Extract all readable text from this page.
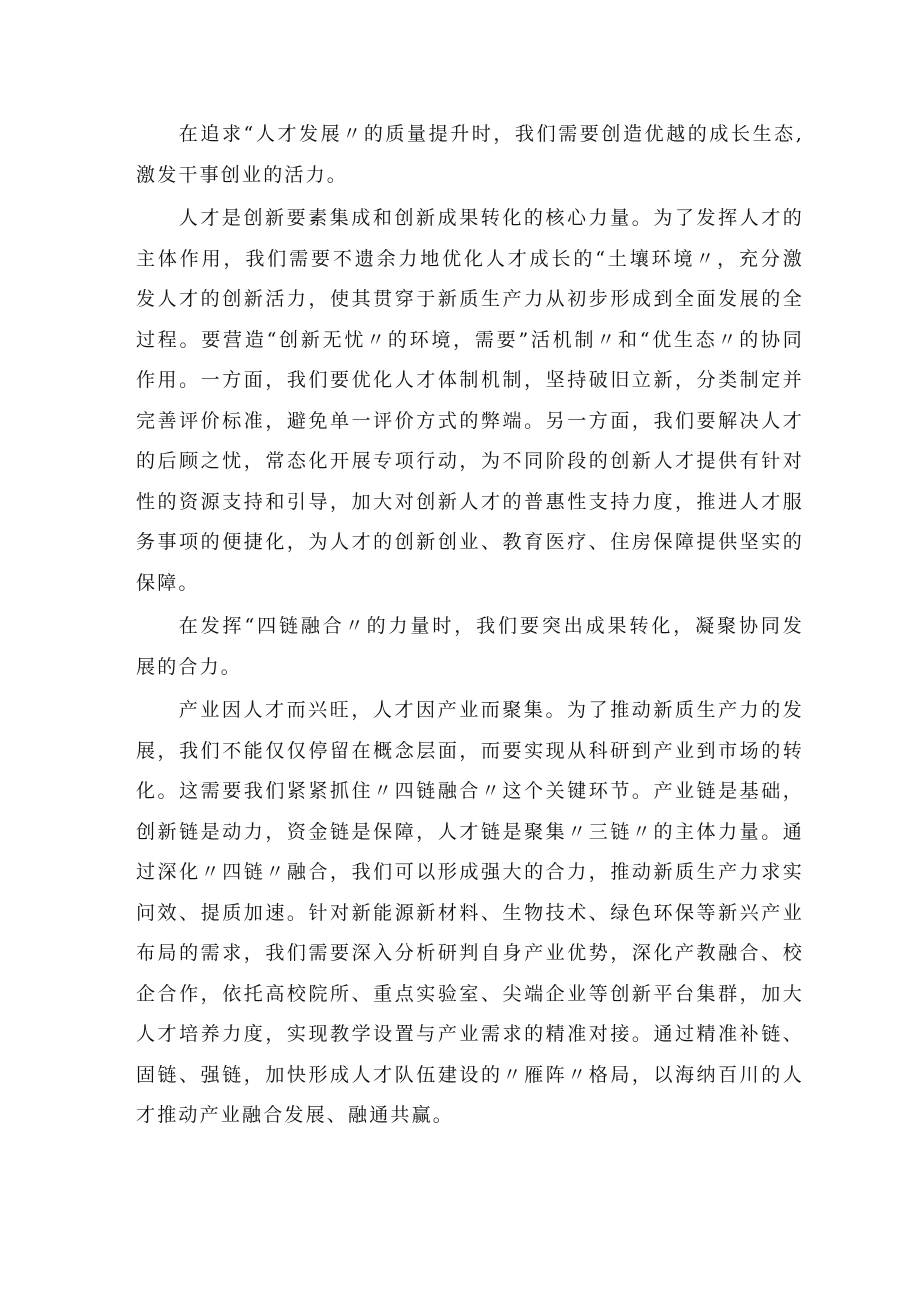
在追求“人才发展〃的质量提升时，我们需要创造优越的成长生态,激发干事创业的活力。

人才是创新要素集成和创新成果转化的核心力量。为了发挥人才的主体作用，我们需要不遗余力地优化人才成长的“土壤环境〃，充分激发人才的创新活力，使其贯穿于新质生产力从初步形成到全面发展的全过程。要营造“创新无忧〃的环境，需要”活机制〃和“优生态〃的协同作用。一方面，我们要优化人才体制机制，坚持破旧立新，分类制定并完善评价标准，避免单一评价方式的弊端。另一方面，我们要解决人才的后顾之忧，常态化开展专项行动，为不同阶段的创新人才提供有针对性的资源支持和引导，加大对创新人才的普惠性支持力度，推进人才服务事项的便捷化，为人才的创新创业、教育医疗、住房保障提供坚实的保障。

在发挥“四链融合〃的力量时，我们要突出成果转化，凝聚协同发展的合力。

产业因人才而兴旺，人才因产业而聚集。为了推动新质生产力的发展，我们不能仅仅停留在概念层面，而要实现从科研到产业到市场的转化。这需要我们紧紧抓住〃四链融合〃这个关键环节。产业链是基础，创新链是动力，资金链是保障，人才链是聚集〃三链〃的主体力量。通过深化〃四链〃融合，我们可以形成强大的合力，推动新质生产力求实问效、提质加速。针对新能源新材料、生物技术、绿色环保等新兴产业布局的需求，我们需要深入分析研判自身产业优势，深化产教融合、校企合作，依托高校院所、重点实验室、尖端企业等创新平台集群，加大人才培养力度，实现教学设置与产业需求的精准对接。通过精准补链、固链、强链，加快形成人才队伍建设的〃雁阵〃格局，以海纳百川的人才推动产业融合发展、融通共赢。
